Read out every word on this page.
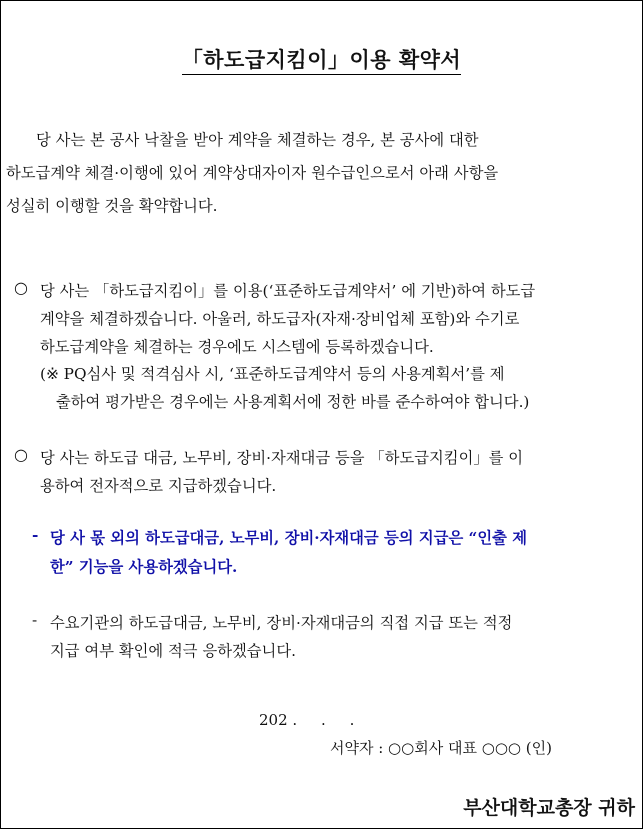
「하도급지킴이」이용 확약서
당 사는 본 공사 낙찰을 받아 계약을 체결하는 경우, 본 공사에 대한
하도급계약 체결·이행에 있어 계약상대자이자 원수급인으로서 아래 사항을
성실히 이행할 것을 확약합니다.
○ 당 사는 「하도급지킴이」를 이용(‘표준하도급계약서’ 에 기반)하여 하도급
계약을 체결하겠습니다. 아울러, 하도급자(자재·장비업체 포함)와 수기로
하도급계약을 체결하는 경우에도 시스템에 등록하겠습니다.
(※ PQ심사 및 적격심사 시, ‘표준하도급계약서 등의 사용계획서’를 제
출하여 평가받은 경우에는 사용계획서에 정한 바를 준수하여야 합니다.)
○ 당 사는 하도급 대금, 노무비, 장비·자재대금 등을 「하도급지킴이」를 이
용하여 전자적으로 지급하겠습니다.
- 당 사 몫 외의 하도급대금, 노무비, 장비·자재대금 등의 지급은 “인출 제
한” 기능을 사용하겠습니다.
- 수요기관의 하도급대금, 노무비, 장비·자재대금의 직접 지급 또는 적정
지급 여부 확인에 적극 응하겠습니다.
202 .     .     .
서약자 : ○○회사 대표 ○○○ (인)
부산대학교총장 귀하
